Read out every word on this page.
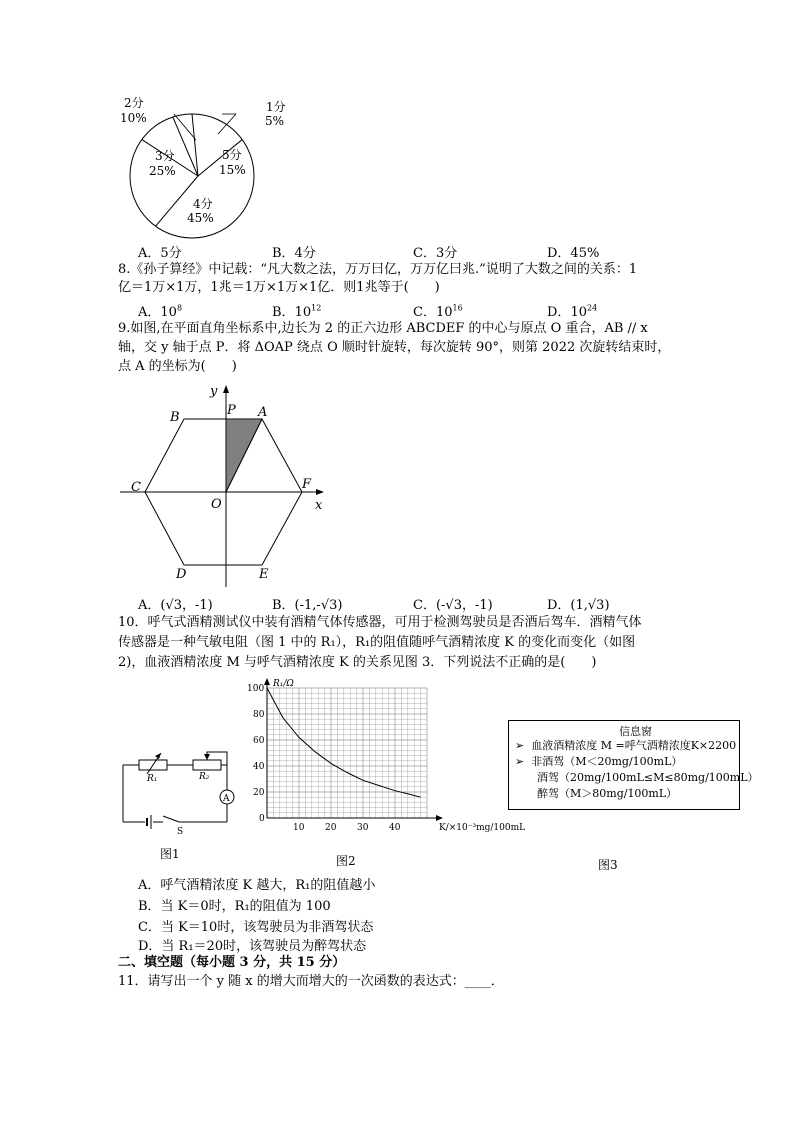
2分
10%
1分
5%
5分
15%
3分
25%
4分
45%
A．5分	B．4分	C．3分	D．45%
8.《孙子算经》中记载：“凡大数之法，万万曰亿，万万亿曰兆.”说明了大数之间的关系：1
亿＝1万×1万，1兆＝1万×1万×1亿．则1兆等于(　　)
A．$10^8$	B．$10^{12}$	C．$10^{16}$	D．$10^{24}$
9.如图,在平面直角坐标系中,边长为 2 的正六边形 ABCDEF 的中心与原点 O 重合，AB // x
轴，交 y 轴于点 P．将 ΔOAP 绕点 O 顺时针旋转，每次旋转 90°，则第 2022 次旋转结束时，
点 A 的坐标为(　　)
y
P A
B
C	F
x
O
D	E
A．(√3，-1)	B．(-1,-√3)	C．(-√3，-1)	D．(1,√3)
10．呼气式酒精测试仪中装有酒精气体传感器，可用于检测驾驶员是否酒后驾车．酒精气体
传感器是一种气敏电阻（图 1 中的 R₁），R₁的阻值随呼气酒精浓度 K 的变化而变化（如图
2)，血液酒精浓度 M 与呼气酒精浓度 K 的关系见图 3．下列说法不正确的是(　　)
R₁	R₂
A
S
图1
10 20 30 40
0
20
40
60
80
100 R₁/Ω
K/×10⁻³mg/100mL
图2
信息窗
➢ 血液酒精浓度 M =呼气酒精浓度K×2200
➢ 非酒驾（M＜20mg/100mL）
酒驾（20mg/100mL≤M≤80mg/100mL）
醉驾（M＞80mg/100mL）
图3
A．呼气酒精浓度 K 越大，R₁的阻值越小
B．当 K＝0时，R₁的阻值为 100
C．当 K＝10时，该驾驶员为非酒驾状态
D．当 R₁＝20时，该驾驶员为醉驾状态
二、填空题（每小题 3 分，共 15 分）
11．请写出一个 y 随 x 的增大而增大的一次函数的表达式：____．
